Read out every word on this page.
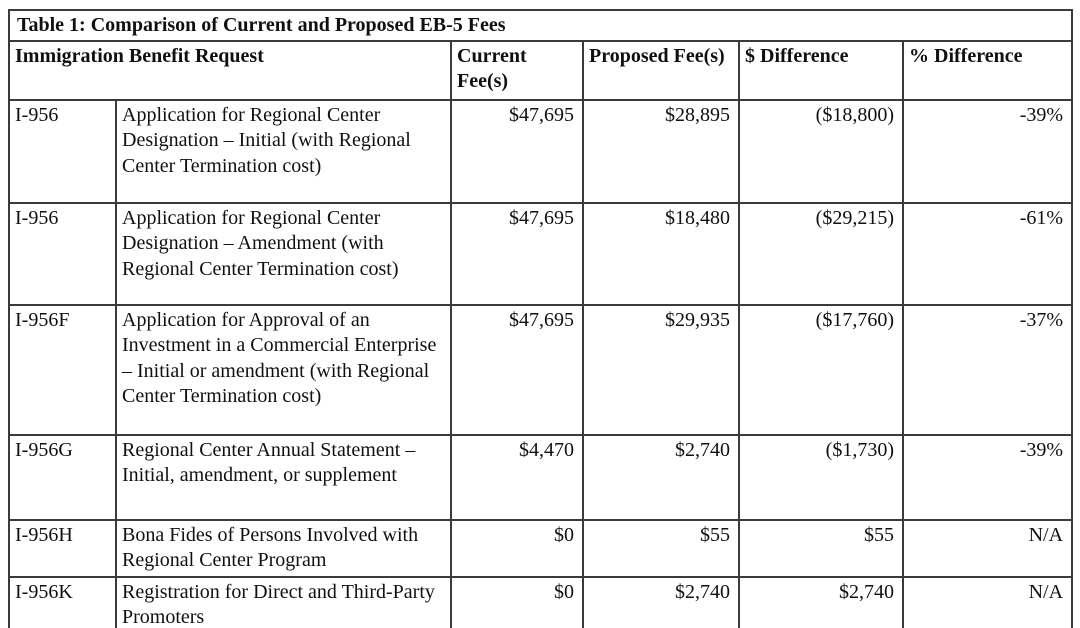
Table 1: Comparison of Current and Proposed EB-5 Fees					
Immigration Benefit Request		Current Fee(s)	Proposed Fee(s)	$ Difference	% Difference
I-956	Application for Regional Center Designation – Initial (with Regional Center Termination cost)	$47,695	$28,895	($18,800)	-39%
I-956	Application for Regional Center Designation – Amendment (with Regional Center Termination cost)	$47,695	$18,480	($29,215)	-61%
I-956F	Application for Approval of an Investment in a Commercial Enterprise – Initial or amendment (with Regional Center Termination cost)	$47,695	$29,935	($17,760)	-37%
I-956G	Regional Center Annual Statement – Initial, amendment, or supplement	$4,470	$2,740	($1,730)	-39%
I-956H	Bona Fides of Persons Involved with Regional Center Program	$0	$55	$55	N/A
I-956K	Registration for Direct and Third-Party Promoters	$0	$2,740	$2,740	N/A
